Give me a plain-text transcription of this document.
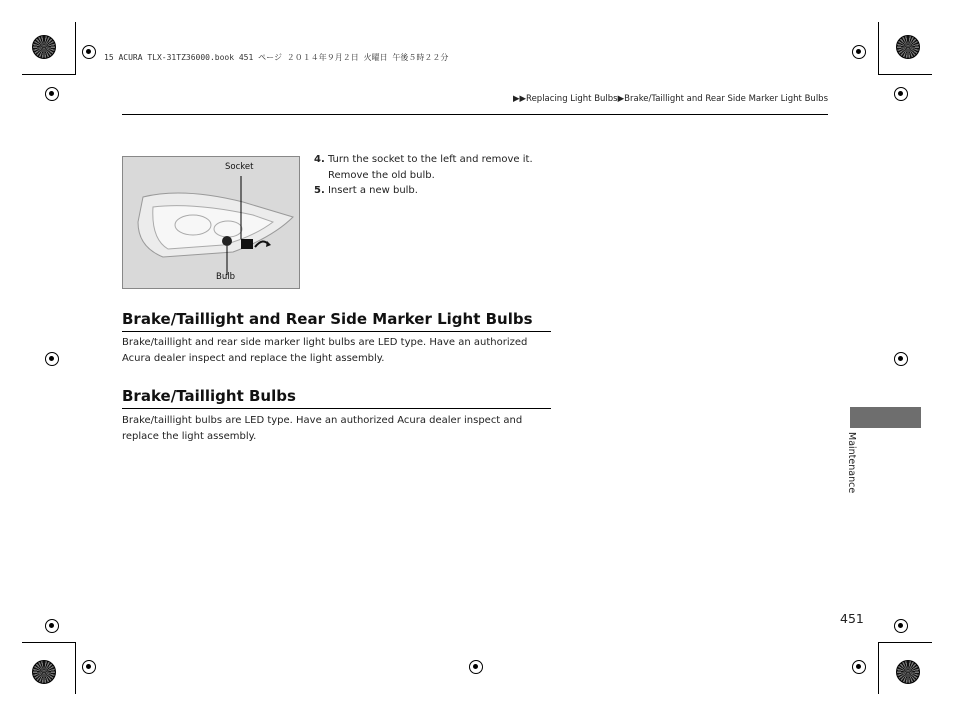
15 ACURA TLX-31TZ36000.book 451 ページ ２０１４年９月２日 火曜日 午後５時２２分
▶▶Replacing Light Bulbs▶Brake/Taillight and Rear Side Marker Light Bulbs
Socket
Bulb
4. Turn the socket to the left and remove it.
Remove the old bulb.
5. Insert a new bulb.
Brake/Taillight and Rear Side Marker Light Bulbs
Brake/taillight and rear side marker light bulbs are LED type. Have an authorized Acura dealer inspect and replace the light assembly.
Brake/Taillight Bulbs
Brake/taillight bulbs are LED type. Have an authorized Acura dealer inspect and replace the light assembly.	Maintenance
451
